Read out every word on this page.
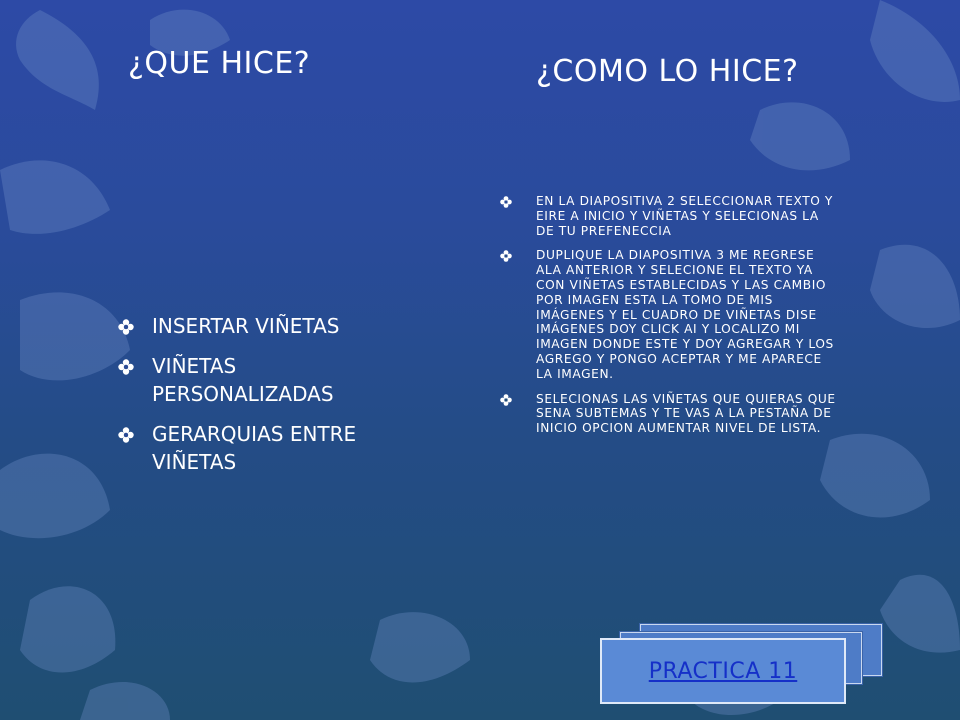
¿QUE HICE?	¿COMO LO HICE?
INSERTAR VIÑETAS
VIÑETAS PERSONALIZADAS
GERARQUIAS ENTRE VIÑETAS
EN LA DIAPOSITIVA 2 SELECCIONAR TEXTO Y EIRE A INICIO Y VIÑETAS Y SELECIONAS LA DE TU PREFENECCIA
DUPLIQUE LA DIAPOSITIVA 3 ME REGRESE ALA ANTERIOR Y SELECIONE EL TEXTO YA CON VIÑETAS ESTABLECIDAS Y LAS CAMBIO POR IMAGEN ESTA LA TOMO DE MIS IMÁGENES Y EL CUADRO DE VIÑETAS DISE IMÁGENES DOY CLICK AI Y LOCALIZO MI IMAGEN DONDE ESTE Y DOY AGREGAR Y LOS AGREGO Y PONGO ACEPTAR Y ME APARECE LA IMAGEN.
SELECIONAS LAS VIÑETAS QUE QUIERAS QUE SENA SUBTEMAS Y TE VAS A LA PESTAÑA DE INICIO OPCION AUMENTAR NIVEL DE LISTA.
PRACTICA 11
